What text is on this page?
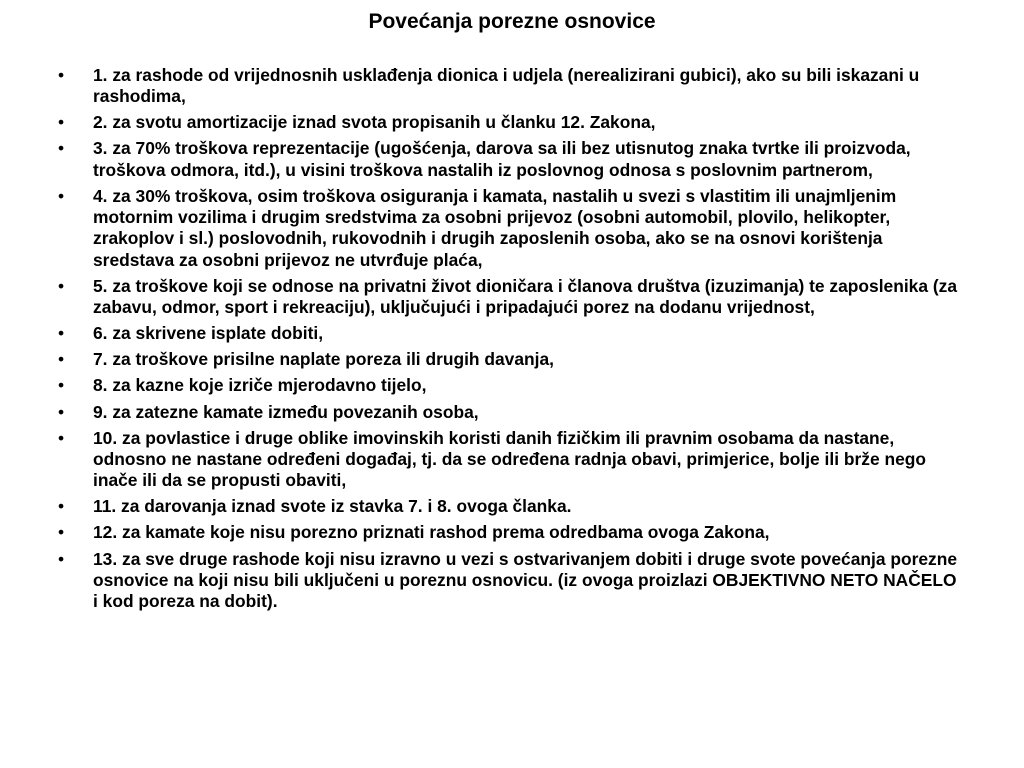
Povećanja porezne osnovice
• 1. za rashode od vrijednosnih usklađenja dionica i udjela (nerealizirani gubici), ako su bili iskazani u rashodima,
• 2. za svotu amortizacije iznad svota propisanih u članku 12. Zakona,
• 3. za 70% troškova reprezentacije (ugošćenja, darova sa ili bez utisnutog znaka tvrtke ili proizvoda, troškova odmora, itd.), u visini troškova nastalih iz poslovnog odnosa s poslovnim partnerom,
• 4. za 30% troškova, osim troškova osiguranja i kamata, nastalih u svezi s vlastitim ili unajmljenim motornim vozilima i drugim sredstvima za osobni prijevoz (osobni automobil, plovilo, helikopter, zrakoplov i sl.) poslovodnih, rukovodnih i drugih zaposlenih osoba, ako se na osnovi korištenja sredstava za osobni prijevoz ne utvrđuje plaća,
• 5. za troškove koji se odnose na privatni život dioničara i članova društva (izuzimanja) te zaposlenika (za zabavu, odmor, sport i rekreaciju), uključujući i pripadajući porez na dodanu vrijednost,
• 6. za skrivene isplate dobiti,
• 7. za troškove prisilne naplate poreza ili drugih davanja,
• 8. za kazne koje izriče mjerodavno tijelo,
• 9. za zatezne kamate između povezanih osoba,
• 10. za povlastice i druge oblike imovinskih koristi danih fizičkim ili pravnim osobama da nastane, odnosno ne nastane određeni događaj, tj. da se određena radnja obavi, primjerice, bolje ili brže nego inače ili da se propusti obaviti,
• 11. za darovanja iznad svote iz stavka 7. i 8. ovoga članka.
• 12. za kamate koje nisu porezno priznati rashod prema odredbama ovoga Zakona,
• 13. za sve druge rashode koji nisu izravno u vezi s ostvarivanjem dobiti i druge svote povećanja porezne osnovice na koji nisu bili uključeni u poreznu osnovicu. (iz ovoga proizlazi OBJEKTIVNO NETO NAČELO i kod poreza na dobit).
